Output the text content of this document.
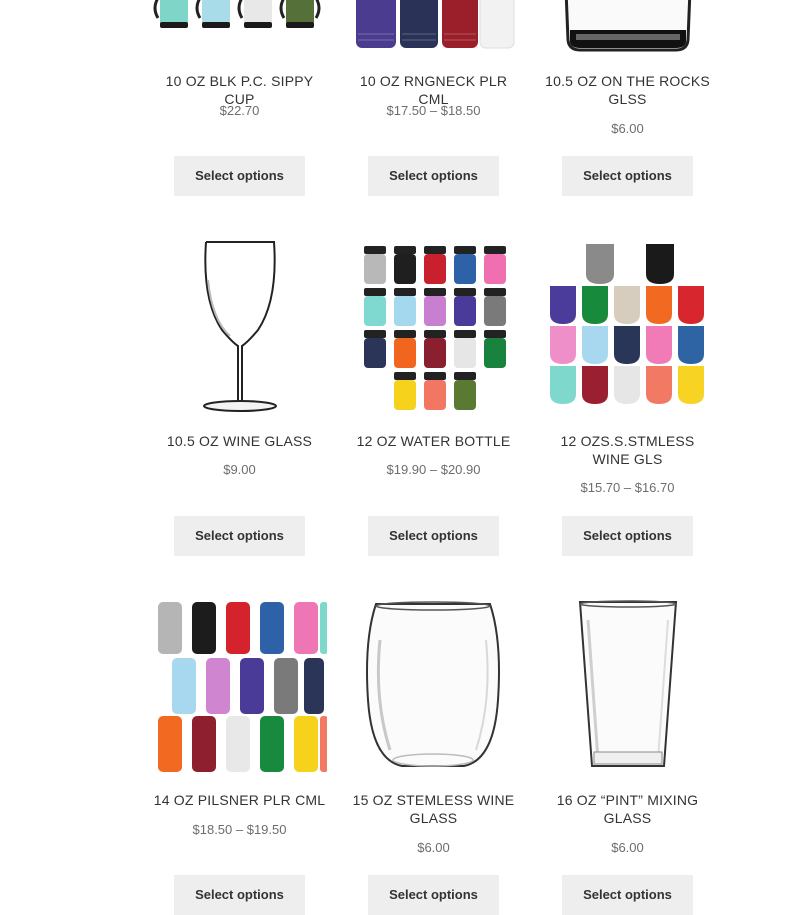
10 OZ BLK P.C. SIPPY CUP
$22.70
Select options
10 OZ RNGNECK PLR CML
$17.50 – $18.50
Select options
10.5 OZ ON THE ROCKS GLSS
$6.00
Select options
10.5 OZ WINE GLASS
$9.00
Select options
12 OZ WATER BOTTLE
$19.90 – $20.90
Select options
12 OZS.S.STMLESS WINE GLS
$15.70 – $16.70
Select options
14 OZ PILSNER PLR CML
$18.50 – $19.50
Select options
15 OZ STEMLESS WINE GLASS
$6.00
Select options
16 OZ “PINT” MIXING GLASS
$6.00
Select options
